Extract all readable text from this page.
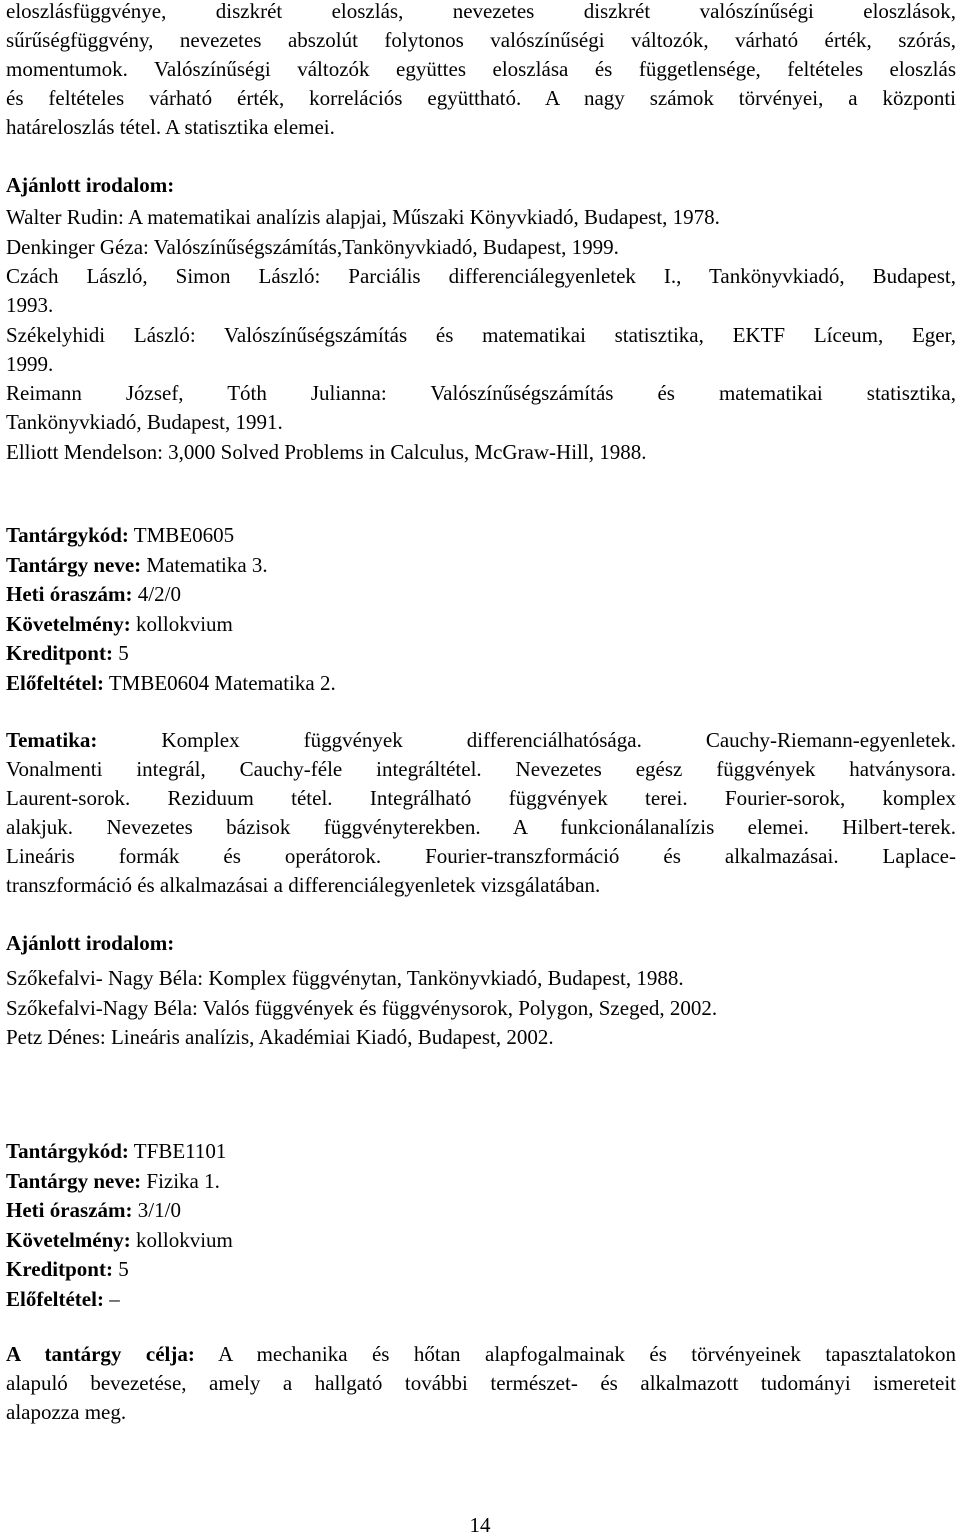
eloszlásfüggvénye, diszkrét eloszlás, nevezetes diszkrét valószínűségi eloszlások,
sűrűségfüggvény, nevezetes abszolút folytonos valószínűségi változók, várható érték, szórás,
momentumok. Valószínűségi változók együttes eloszlása és függetlensége, feltételes eloszlás
és feltételes várható érték, korrelációs együttható. A nagy számok törvényei, a központi
határeloszlás tétel. A statisztika elemei.
Ajánlott irodalom:
Walter Rudin: A matematikai analízis alapjai, Műszaki Könyvkiadó, Budapest, 1978.
Denkinger Géza: Valószínűségszámítás,Tankönyvkiadó, Budapest, 1999.
Czách László, Simon László: Parciális differenciálegyenletek I., Tankönyvkiadó, Budapest,
1993.
Székelyhidi László: Valószínűségszámítás és matematikai statisztika, EKTF Líceum, Eger,
1999.
Reimann József, Tóth Julianna: Valószínűségszámítás és matematikai statisztika,
Tankönyvkiadó, Budapest, 1991.
Elliott Mendelson: 3,000 Solved Problems in Calculus, McGraw-Hill, 1988.
Tantárgykód: TMBE0605
Tantárgy neve: Matematika 3.
Heti óraszám: 4/2/0
Követelmény: kollokvium
Kreditpont: 5
Előfeltétel: TMBE0604 Matematika 2.
Tematika: Komplex függvények differenciálhatósága. Cauchy-Riemann-egyenletek.
Vonalmenti integrál, Cauchy-féle integráltétel. Nevezetes egész függvények hatványsora.
Laurent-sorok. Reziduum tétel. Integrálható függvények terei. Fourier-sorok, komplex
alakjuk. Nevezetes bázisok függvényterekben. A funkcionálanalízis elemei. Hilbert-terek.
Lineáris formák és operátorok. Fourier-transzformáció és alkalmazásai. Laplace-
transzformáció és alkalmazásai a differenciálegyenletek vizsgálatában.
Ajánlott irodalom:
Szőkefalvi- Nagy Béla: Komplex függvénytan, Tankönyvkiadó, Budapest, 1988.
Szőkefalvi-Nagy Béla: Valós függvények és függvénysorok, Polygon, Szeged, 2002.
Petz Dénes: Lineáris analízis, Akadémiai Kiadó, Budapest, 2002.
Tantárgykód: TFBE1101
Tantárgy neve: Fizika 1.
Heti óraszám: 3/1/0
Követelmény: kollokvium
Kreditpont: 5
Előfeltétel: –
A tantárgy célja: A mechanika és hőtan alapfogalmainak és törvényeinek tapasztalatokon
alapuló bevezetése, amely a hallgató további természet- és alkalmazott tudományi ismereteit
alapozza meg.
14
